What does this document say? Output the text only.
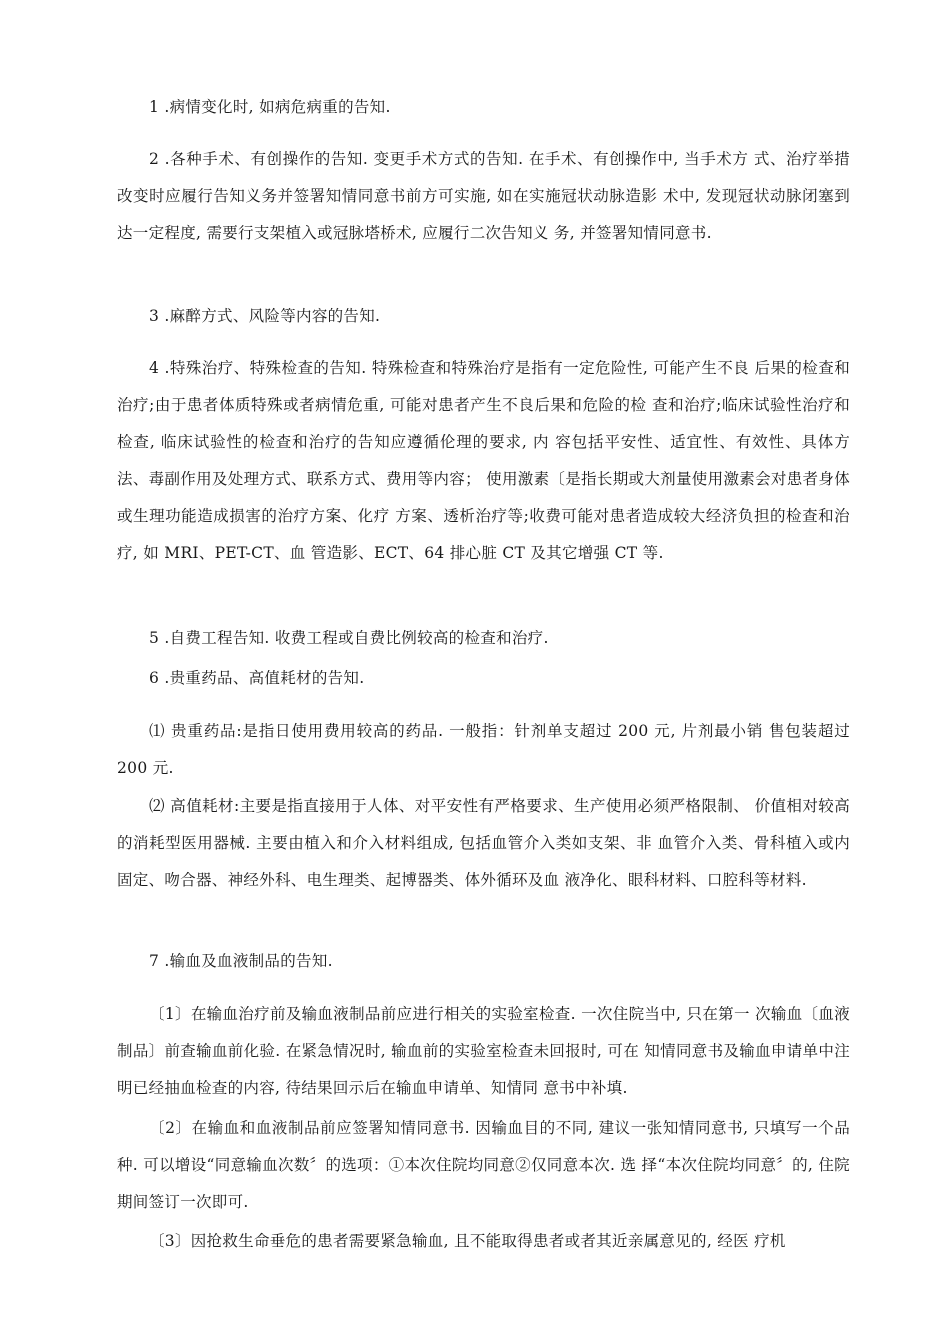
1 .病情变化时, 如病危病重的告知.

2 .各种手术、有创操作的告知. 变更手术方式的告知. 在手术、有创操作中, 当手术方 式、治疗举措改变时应履行告知义务并签署知情同意书前方可实施, 如在实施冠状动脉造影 术中, 发现冠状动脉闭塞到达一定程度, 需要行支架植入或冠脉塔桥术, 应履行二次告知义 务, 并签署知情同意书.

3 .麻醉方式、风险等内容的告知.

4 .特殊治疗、特殊检查的告知. 特殊检查和特殊治疗是指有一定危险性, 可能产生不良 后果的检查和治疗;由于患者体质特殊或者病情危重, 可能对患者产生不良后果和危险的检 查和治疗;临床试验性治疗和检查, 临床试验性的检查和治疗的告知应遵循伦理的要求, 内 容包括平安性、适宜性、有效性、具体方法、毒副作用及处理方式、联系方式、费用等内容； 使用激素〔是指长期或大剂量使用激素会对患者身体或生理功能造成损害的治疗方案、化疗 方案、透析治疗等;收费可能对患者造成较大经济负担的检查和治疗, 如 MRI、PET-CT、血 管造影、ECT、64 排心脏 CT 及其它增强 CT 等.

5 .自费工程告知. 收费工程或自费比例较高的检查和治疗.

6 .贵重药品、高值耗材的告知.

⑴ 贵重药品:是指日使用费用较高的药品. 一般指：针剂单支超过 200 元, 片剂最小销 售包装超过 200 元.

⑵ 高值耗材:主要是指直接用于人体、对平安性有严格要求、生产使用必须严格限制、 价值相对较高的消耗型医用器械. 主要由植入和介入材料组成, 包括血管介入类如支架、非 血管介入类、骨科植入或内固定、吻合器、神经外科、电生理类、起博器类、体外循环及血 液净化、眼科材料、口腔科等材料.

7 .输血及血液制品的告知.

〔1〕在输血治疗前及输血液制品前应进行相关的实验室检查. 一次住院当中, 只在第一 次输血〔血液制品〕前查输血前化验. 在紧急情况时, 输血前的实验室检查未回报时, 可在 知情同意书及输血申请单中注明已经抽血检查的内容, 待结果回示后在输血申请单、知情同 意书中补填.

〔2〕在输血和血液制品前应签署知情同意书. 因输血目的不同, 建议一张知情同意书, 只填写一个品种. 可以增设“同意输血次数〞的选项：①本次住院均同意②仅同意本次. 选 择“本次住院均同意〞的, 住院期间签订一次即可.

〔3〕因抢救生命垂危的患者需要紧急输血, 且不能取得患者或者其近亲属意见的, 经医 疗机
